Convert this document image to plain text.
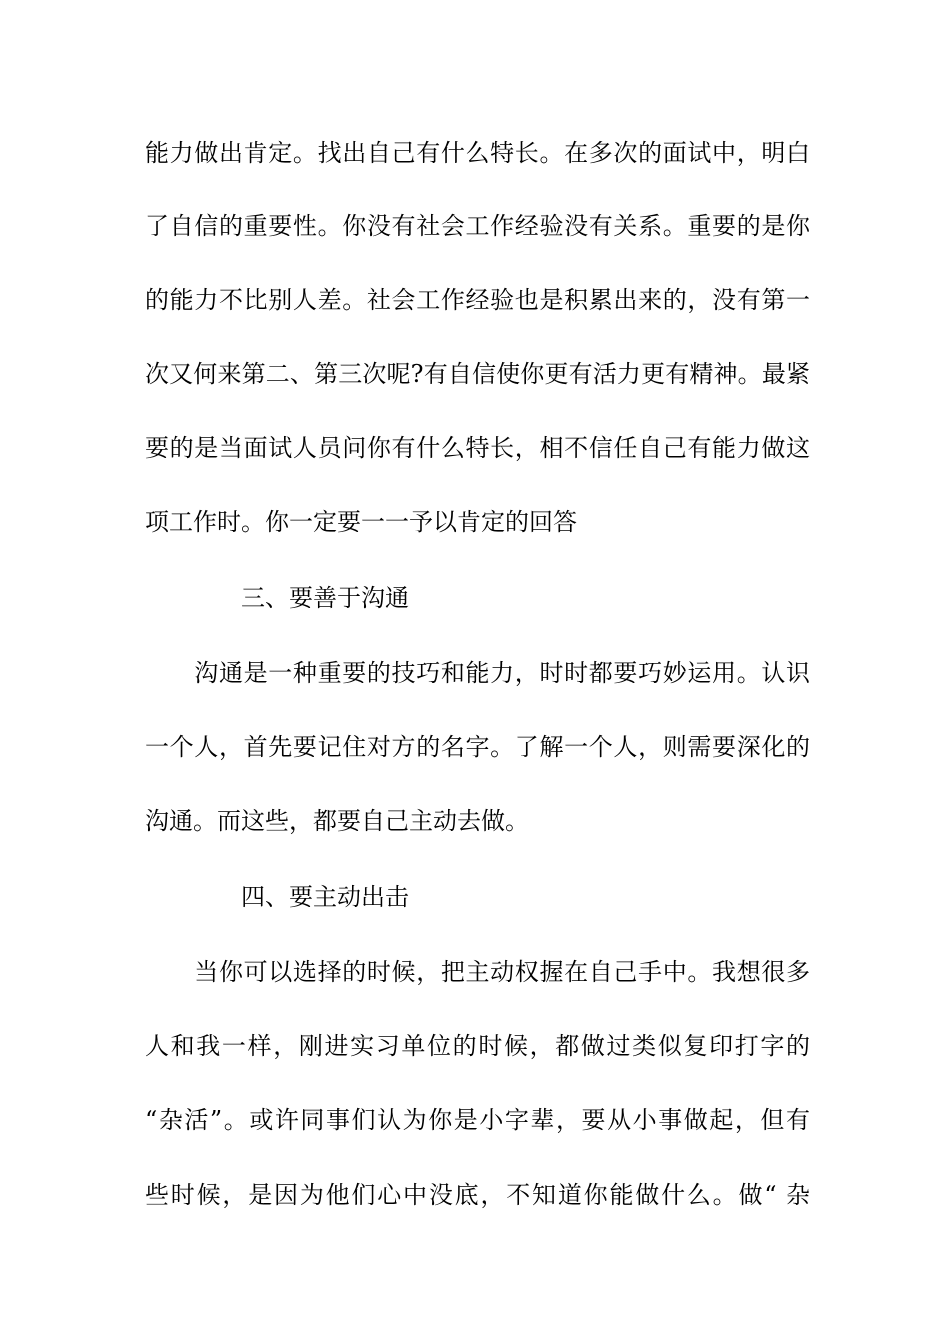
能力做出肯定。找出自己有什么特长。在多次的面试中，明白
了自信的重要性。你没有社会工作经验没有关系。重要的是你
的能力不比别人差。社会工作经验也是积累出来的，没有第一
次又何来第二、第三次呢?有自信使你更有活力更有精神。最紧
要的是当面试人员问你有什么特长，相不信任自己有能力做这
项工作时。你一定要一一予以肯定的回答
三、要善于沟通
　　沟通是一种重要的技巧和能力，时时都要巧妙运用。认识
一个人，首先要记住对方的名字。了解一个人，则需要深化的
沟通。而这些，都要自己主动去做。
四、要主动出击
　　当你可以选择的时候，把主动权握在自己手中。我想很多
人和我一样，刚进实习单位的时候，都做过类似复印打字的
“杂活”。或许同事们认为你是小字辈，要从小事做起，但有
些时候，是因为他们心中没底，不知道你能做什么。做“ 杂
